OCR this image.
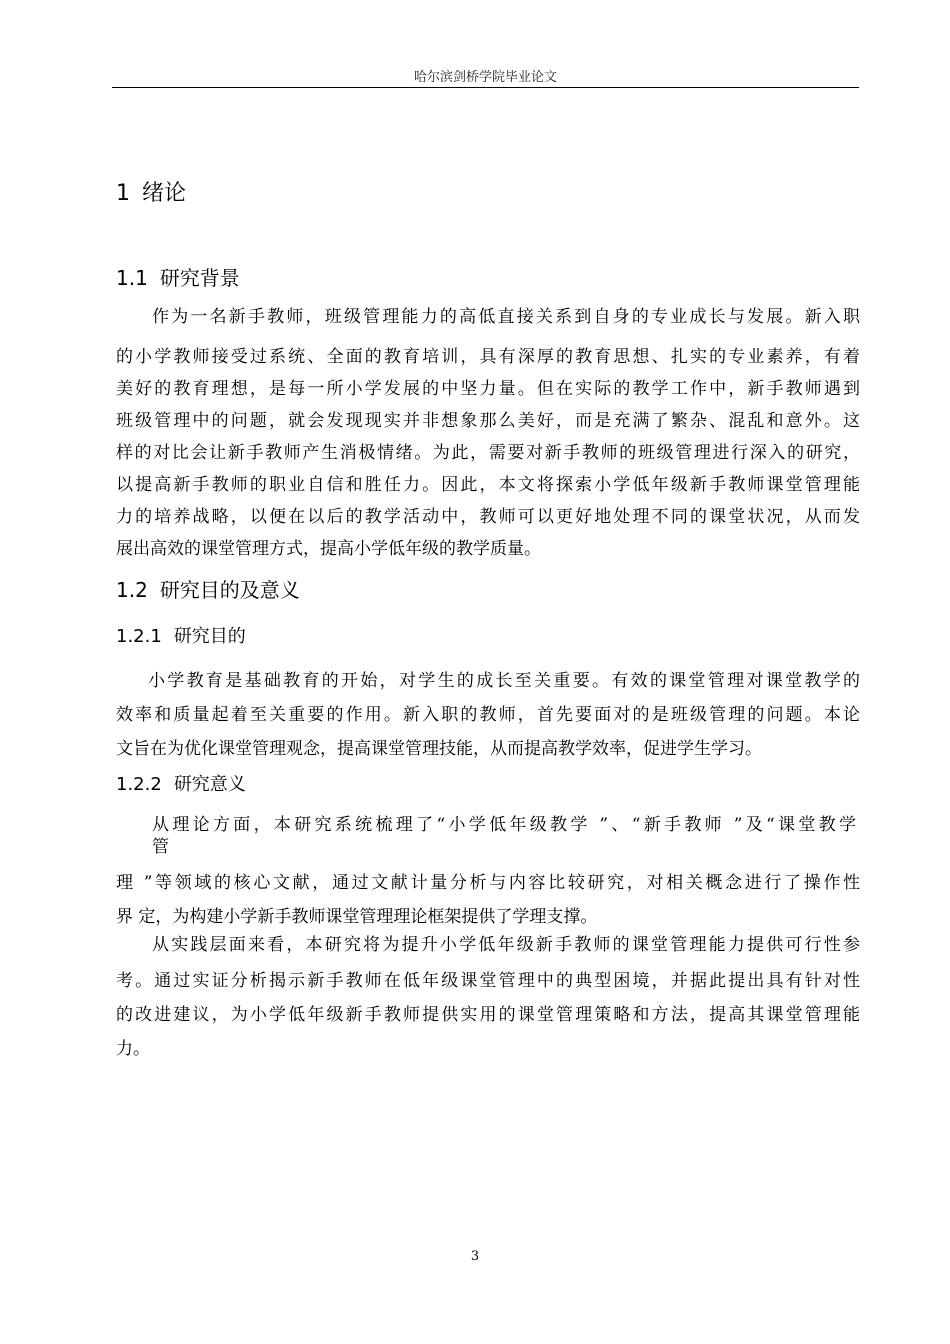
哈尔滨剑桥学院毕业论文
1 绪论
1.1 研究背景
作为一名新手教师，班级管理能力的高低直接关系到自身的专业成长与发展。新入职
的小学教师接受过系统、全面的教育培训，具有深厚的教育思想、扎实的专业素养，有着
美好的教育理想，是每一所小学发展的中坚力量。但在实际的教学工作中，新手教师遇到
班级管理中的问题，就会发现现实并非想象那么美好，而是充满了繁杂、混乱和意外。这
样的对比会让新手教师产生消极情绪。为此，需要对新手教师的班级管理进行深入的研究，
以提高新手教师的职业自信和胜任力。因此，本文将探索小学低年级新手教师课堂管理能
力的培养战略，以便在以后的教学活动中，教师可以更好地处理不同的课堂状况，从而发
展出高效的课堂管理方式，提高小学低年级的教学质量。
1.2 研究目的及意义
1.2.1 研究目的
小学教育是基础教育的开始，对学生的成长至关重要。有效的课堂管理对课堂教学的
效率和质量起着至关重要的作用。新入职的教师，首先要面对的是班级管理的问题。本论
文旨在为优化课堂管理观念，提高课堂管理技能，从而提高教学效率，促进学生学习。
1.2.2 研究意义
从理论方面，本研究系统梳理了“小学低年级教学 ”、“新手教师 ”及“课堂教学
管
理 ”等领域的核心文献，通过文献计量分析与内容比较研究，对相关概念进行了操作性
界 定，为构建小学新手教师课堂管理理论框架提供了学理支撑。
从实践层面来看，本研究将为提升小学低年级新手教师的课堂管理能力提供可行性参
考。通过实证分析揭示新手教师在低年级课堂管理中的典型困境，并据此提出具有针对性
的改进建议，为小学低年级新手教师提供实用的课堂管理策略和方法，提高其课堂管理能
力。
3
